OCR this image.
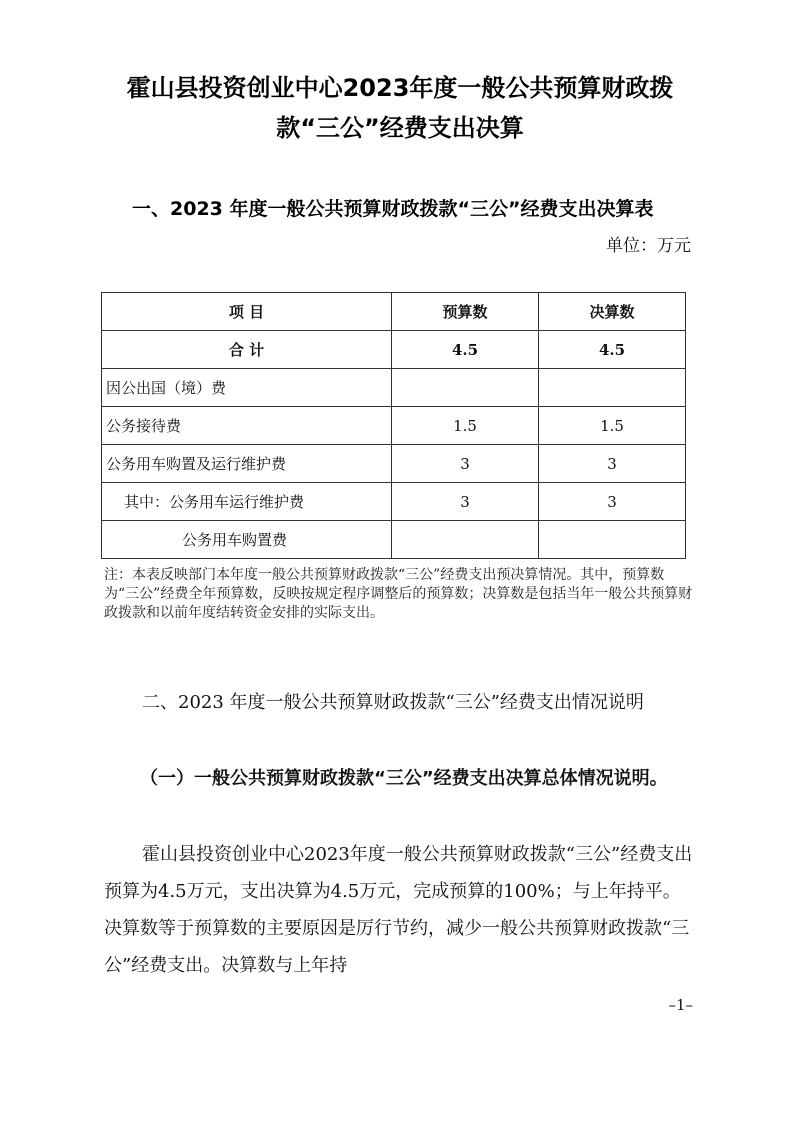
霍山县投资创业中心2023年度一般公共预算财政拨款“三公”经费支出决算
一、2023 年度一般公共预算财政拨款“三公”经费支出决算表
单位：万元
项 目	预算数	决算数
合 计	4.5	4.5
因公出国（境）费		
公务接待费	1.5	1.5
公务用车购置及运行维护费	3	3
其中：公务用车运行维护费	3	3
公务用车购置费		
注：本表反映部门本年度一般公共预算财政拨款“三公”经费支出预决算情况。其中，预算数为“三公”经费全年预算数，反映按规定程序调整后的预算数；决算数是包括当年一般公共预算财政拨款和以前年度结转资金安排的实际支出。
二、2023 年度一般公共预算财政拨款“三公”经费支出情况说明
（一）一般公共预算财政拨款“三公”经费支出决算总体情况说明。
霍山县投资创业中心2023年度一般公共预算财政拨款“三公”经费支出预算为4.5万元，支出决算为4.5万元，完成预算的100%；与上年持平。决算数等于预算数的主要原因是厉行节约，减少一般公共预算财政拨款“三公”经费支出。决算数与上年持
–1–
